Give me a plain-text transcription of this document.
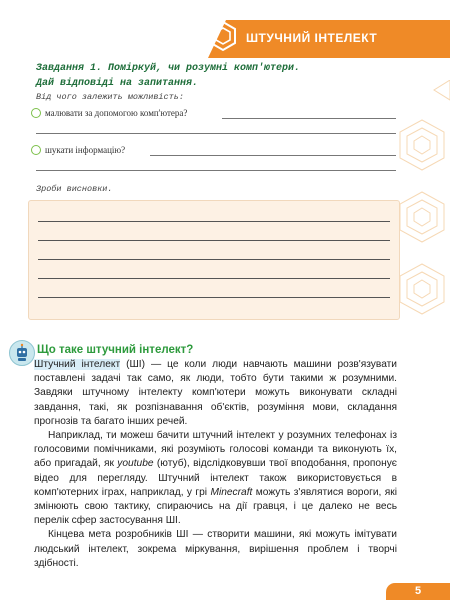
ШТУЧНИЙ ІНТЕЛЕКТ
Завдання 1. Поміркуй, чи розумні комп'ютери.
Дай відповіді на запитання.
Від чого залежить можливість:
малювати за допомогою комп'ютера?
шукати інформацію?
Зроби висновки.
Що таке штучний інтелект?

Штучний інтелект (ШІ) — це коли люди навчають машини розв'язувати поставлені задачі так само, як люди, тобто бути такими ж розумними. Завдяки штучному інтелекту комп'ютери можуть виконувати складні завдання, такі, як розпізнавання об'єктів, розуміння мови, складання прогнозів та багато інших речей.

Наприклад, ти можеш бачити штучний інтелект у розумних телефонах із голосовими помічниками, які розуміють голосові команди та виконують їх, або пригадай, як youtube (ютуб), відслідковувши твої вподобання, пропонує відео для перегляду. Штучний інтелект також використовується в комп'ютерних іграх, наприклад, у грі Minecraft можуть з'являтися вороги, які змінюють свою тактику, спираючись на дії гравця, і це далеко не весь перелік сфер застосування ШІ.

Кінцева мета розробників ШІ — створити машини, які можуть імітувати людський інтелект, зокрема міркування, вирішення проблем і творчі здібності.

5
